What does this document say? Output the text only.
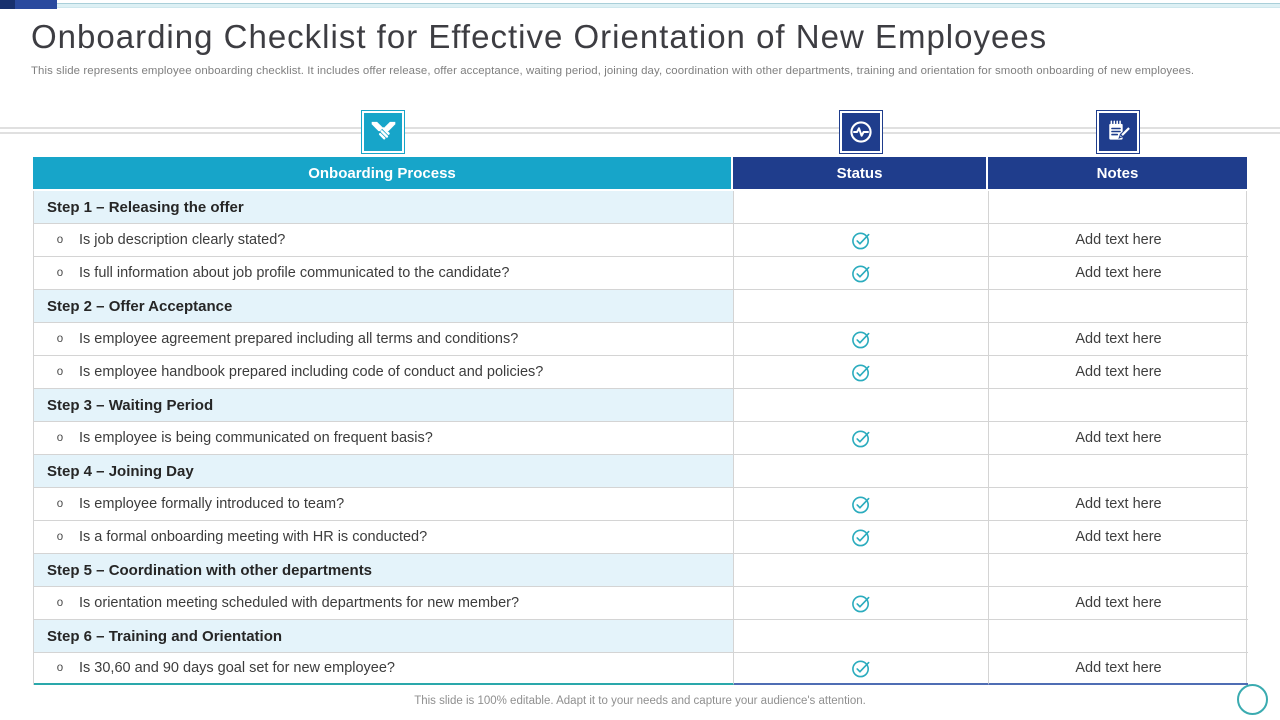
Onboarding Checklist for Effective Orientation of New Employees

This slide represents employee onboarding checklist. It includes offer release, offer acceptance, waiting period, joining day, coordination with other departments, training and orientation for smooth onboarding of new employees.

Onboarding Process	Status	Notes
Step 1 – Releasing the offer
o Is job description clearly stated?	Add text here
o Is full information about job profile communicated to the candidate?	Add text here
Step 2 – Offer Acceptance
o Is employee agreement prepared including all terms and conditions?	Add text here
o Is employee handbook prepared including code of conduct and policies?	Add text here
Step 3 – Waiting Period
o Is employee is being communicated on frequent basis?	Add text here
Step 4 – Joining Day
o Is employee formally introduced to team?	Add text here
o Is a formal onboarding meeting with HR is conducted?	Add text here
Step 5 – Coordination with other departments
o Is orientation meeting scheduled with departments for new member?	Add text here
Step 6 – Training and Orientation
o Is 30,60 and 90 days goal set for new employee?	Add text here

This slide is 100% editable. Adapt it to your needs and capture your audience's attention.
